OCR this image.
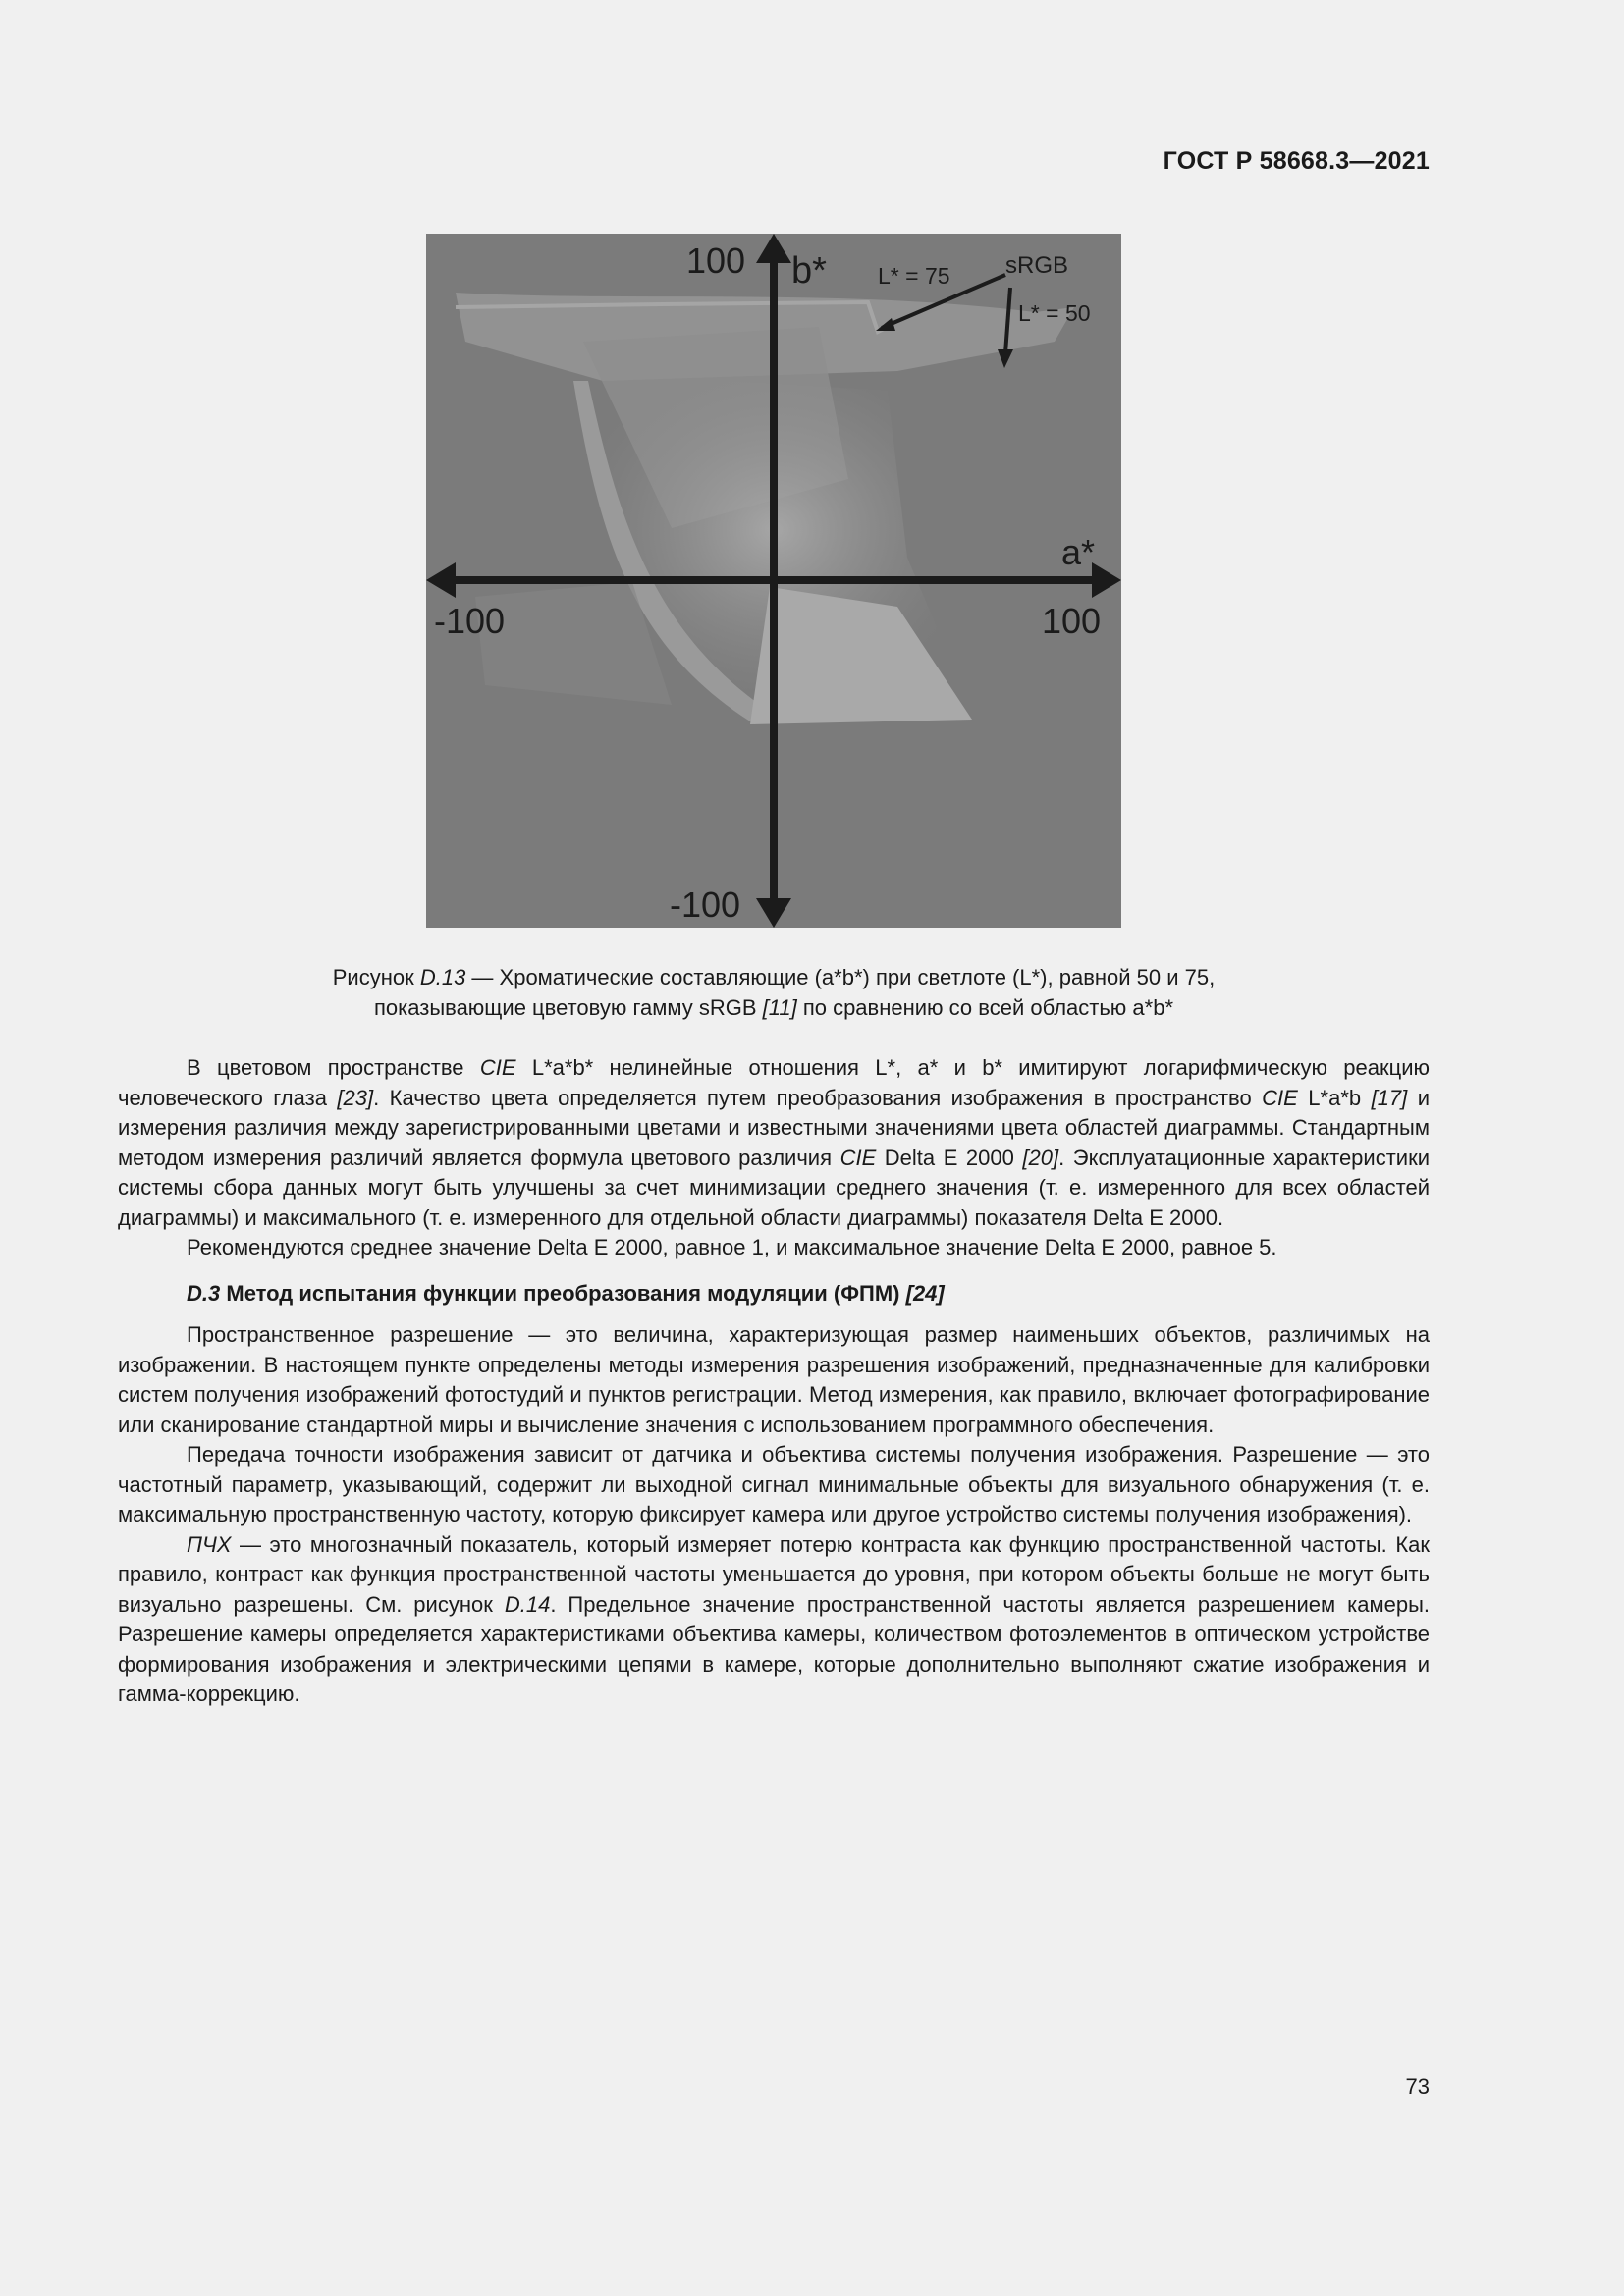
ГОСТ Р 58668.3—2021
100 b* L* = 75 sRGB
L* = 50
a*
-100	100
-100
Рисунок D.13 — Хроматические составляющие (a*b*) при светлоте (L*), равной 50 и 75,
показывающие цветовую гамму sRGB [11] по сравнению со всей областью a*b*

В цветовом пространстве CIE L*a*b* нелинейные отношения L*, a* и b* имитируют логарифмическую реакцию человеческого глаза [23]. Качество цвета определяется путем преобразования изображения в пространство CIE L*a*b [17] и измерения различия между зарегистрированными цветами и известными значениями цвета областей диаграммы. Стандартным методом измерения различий является формула цветового различия CIE Delta E 2000 [20]. Эксплуатационные характеристики системы сбора данных могут быть улучшены за счет минимизации среднего значения (т. е. измеренного для всех областей диаграммы) и максимального (т. е. измеренного для отдельной области диаграммы) показателя Delta E 2000.

Рекомендуются среднее значение Delta E 2000, равное 1, и максимальное значение Delta E 2000, равное 5.

D.3 Метод испытания функции преобразования модуляции (ФПМ) [24]

Пространственное разрешение — это величина, характеризующая размер наименьших объектов, различимых на изображении. В настоящем пункте определены методы измерения разрешения изображений, предназначенные для калибровки систем получения изображений фотостудий и пунктов регистрации. Метод измерения, как правило, включает фотографирование или сканирование стандартной миры и вычисление значения с использованием программного обеспечения.

Передача точности изображения зависит от датчика и объектива системы получения изображения. Разрешение — это частотный параметр, указывающий, содержит ли выходной сигнал минимальные объекты для визуального обнаружения (т. е. максимальную пространственную частоту, которую фиксирует камера или другое устройство системы получения изображения).

ПЧХ — это многозначный показатель, который измеряет потерю контраста как функцию пространственной частоты. Как правило, контраст как функция пространственной частоты уменьшается до уровня, при котором объекты больше не могут быть визуально разрешены. См. рисунок D.14. Предельное значение пространственной частоты является разрешением камеры. Разрешение камеры определяется характеристиками объектива камеры, количеством фотоэлементов в оптическом устройстве формирования изображения и электрическими цепями в камере, которые дополнительно выполняют сжатие изображения и гамма-коррекцию.

73
